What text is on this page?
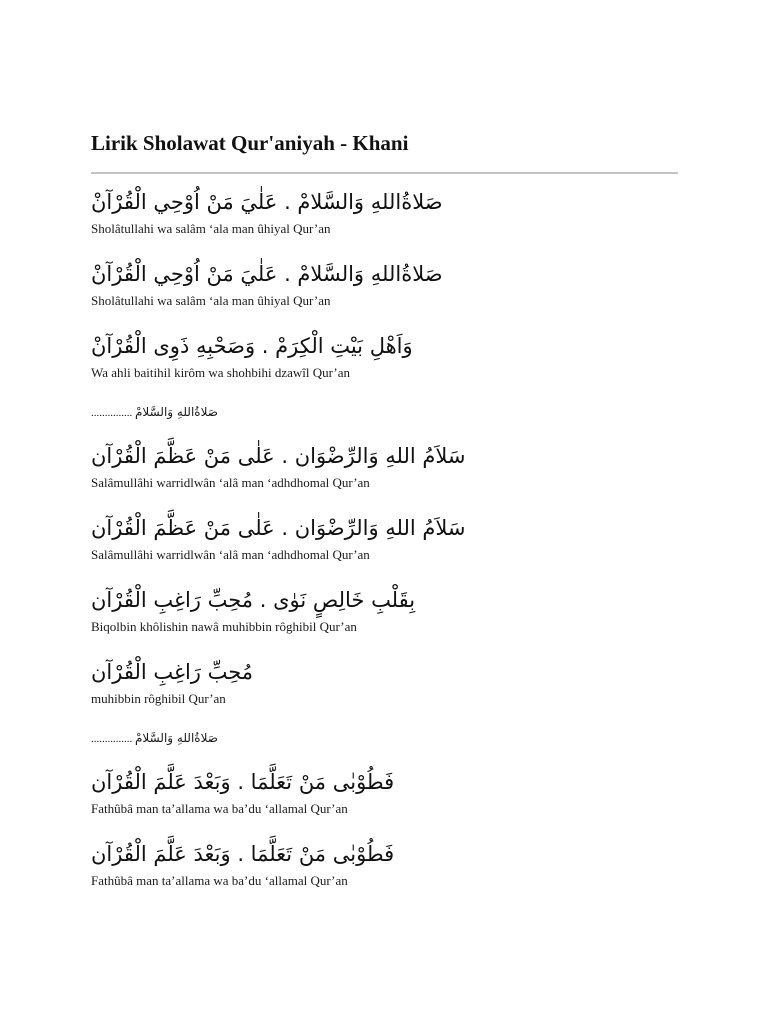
Lirik Sholawat Qur'aniyah - Khani
صَلاةُاللهِ وَالسَّلامْ . عَلٰيَ مَنْ اُوْحِي الْقُرْآنْ
Sholâtullahi wa salâm ‘ala man ûhiyal Qur’an
صَلاةُاللهِ وَالسَّلامْ . عَلٰيَ مَنْ اُوْحِي الْقُرْآنْ
Sholâtullahi wa salâm ‘ala man ûhiyal Qur’an
وَاَهْلِ بَيْتِ الْكِرَمْ . وَصَحْبِهِ ذَوِى الْقُرْآنْ
Wa ahli baitihil kirôm wa shohbihi dzawîl Qur’an
............... صَلاةُاللهِ وَالسَّلامْ
سَلاَمُ اللهِ وَالرِّضْوَان . عَلٰى مَنْ عَظَّمَ الْقُرْآن
Salâmullâhi warridlwân ‘alâ man ‘adhdhomal Qur’an
سَلاَمُ اللهِ وَالرِّضْوَان . عَلٰى مَنْ عَظَّمَ الْقُرْآن
Salâmullâhi warridlwân ‘alâ man ‘adhdhomal Qur’an
بِقَلْبِ خَالِصٍ نَوٰى . مُحِبِّ رَاغِبِ الْقُرْآن
Biqolbin khôlishin nawâ muhibbin rôghibil Qur’an
مُحِبِّ رَاغِبِ الْقُرْآن
muhibbin rôghibil Qur’an
............... صَلاةُاللهِ وَالسَّلامْ
فَطُوْبٰى مَنْ تَعَلَّمَا . وَبَعْدَ عَلَّمَ الْقُرْآن
Fathûbâ man ta’allama wa ba’du ‘allamal Qur’an
فَطُوْبٰى مَنْ تَعَلَّمَا . وَبَعْدَ عَلَّمَ الْقُرْآن
Fathûbâ man ta’allama wa ba’du ‘allamal Qur’an
